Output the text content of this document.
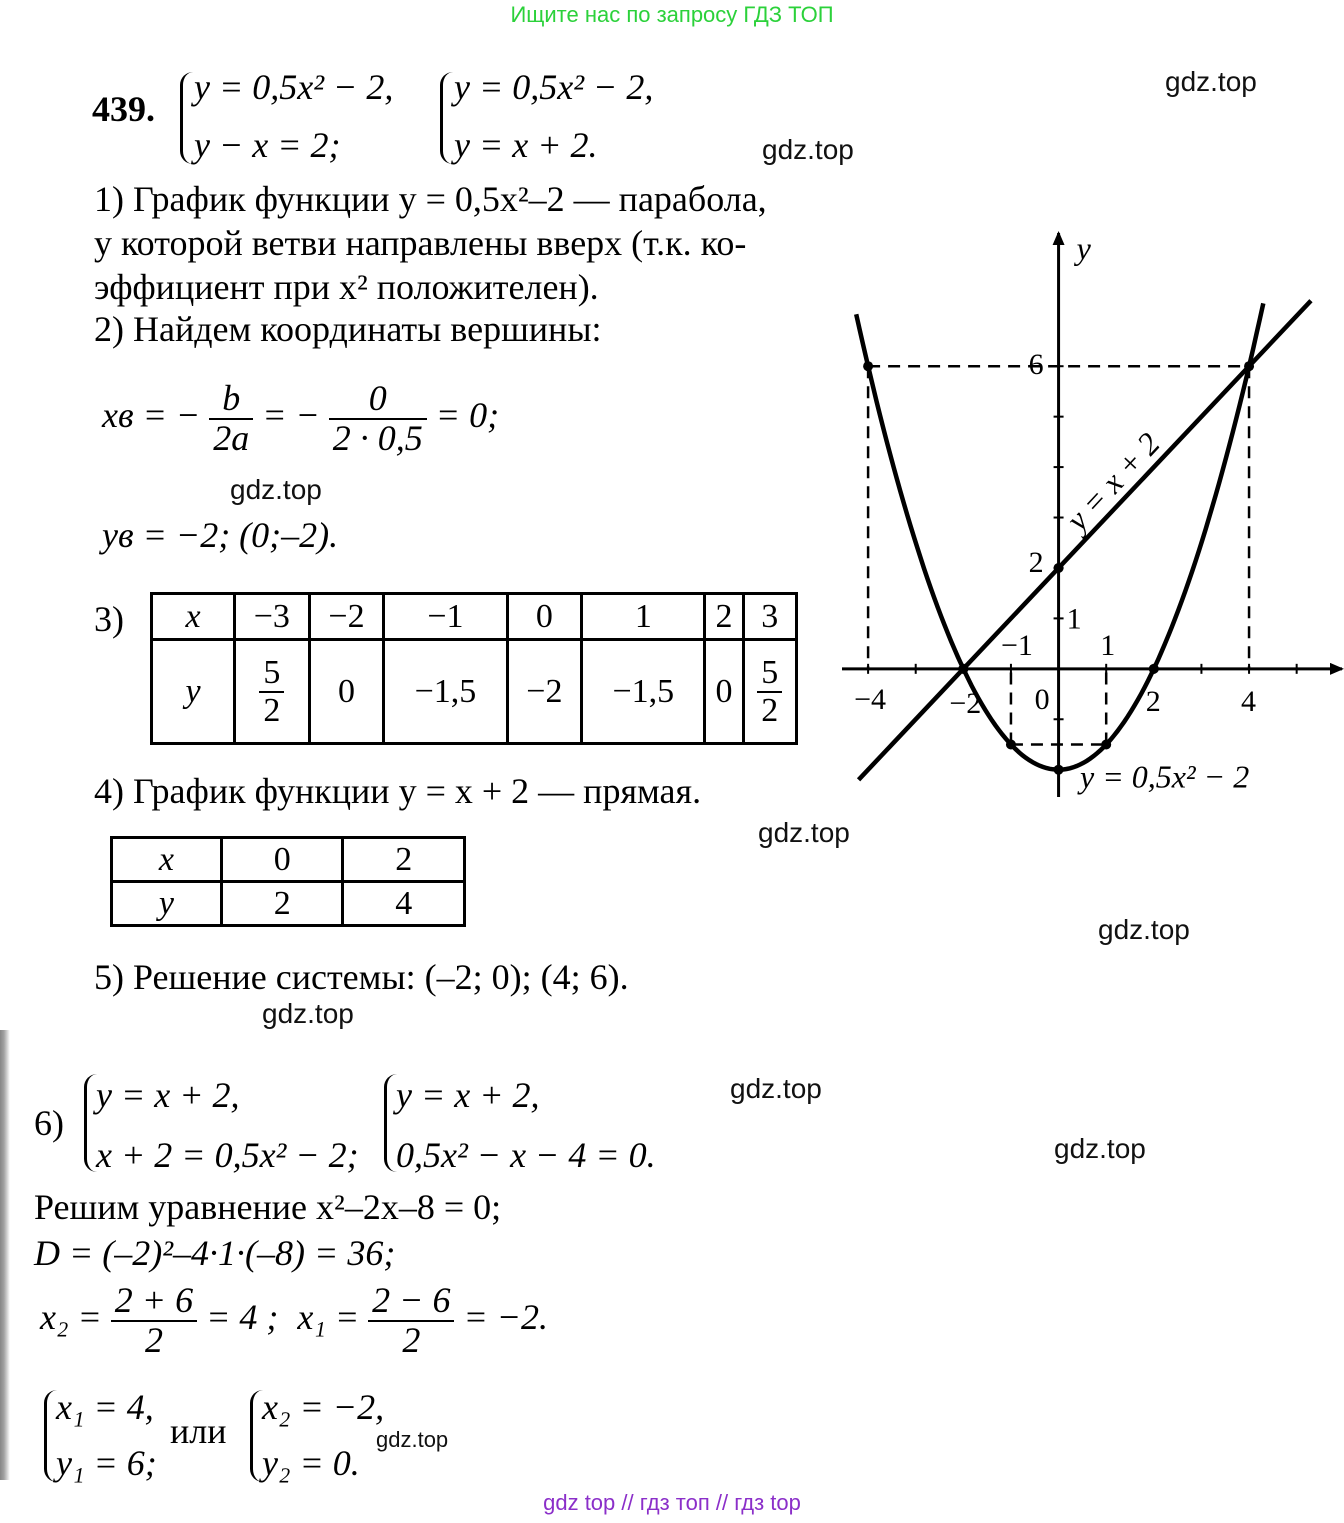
Ищите нас по запросу ГДЗ ТОП
gdz top // гдз топ // гдз top
gdz.top
gdz.top
gdz.top
gdz.top
gdz.top
gdz.top
gdz.top
gdz.top
gdz.top
439.
y = 0,5x² − 2,
y − x = 2;
y = 0,5x² − 2,
y = x + 2.
1) График функции y = 0,5x²–2 — парабола,
у которой ветви направлены вверх (т.к. ко-
эффициент при x² положителен).
2) Найдем координаты вершины:
xв = − $\frac{b}{2a}$ = − $\frac{0}{2 \cdot 0,5} = 0$;
yв = −2; (0;–2).
3) x	−3	−2	−1	0	1	2	3
y	$\frac{5}{2}$	0	−1,5	−2	−1,5	0	$\frac{5}{2}$
4) График функции y = x + 2 — прямая.
x	0	2
y	2	4
5) Решение системы: (–2; 0); (4; 6).
6)
y = x + 2,
x + 2 = 0,5x² − 2;
y = x + 2,
0,5x² − x − 4 = 0.
Решим уравнение x²–2x–8 = 0;
D = (–2)²–4·1·(–8) = 36;
$x_2 = \frac{2 + 6}{2} = 4$ ; $x_1 = \frac{2 - 6}{2} = -2$.
x₁ = 4,
y₁ = 6;
или
x₂ = −2,
y₂ = 0.
y
−4 −2
−1
0
1
2	4
6
2
1
y = 0,5x² − 2
y = x + 2
